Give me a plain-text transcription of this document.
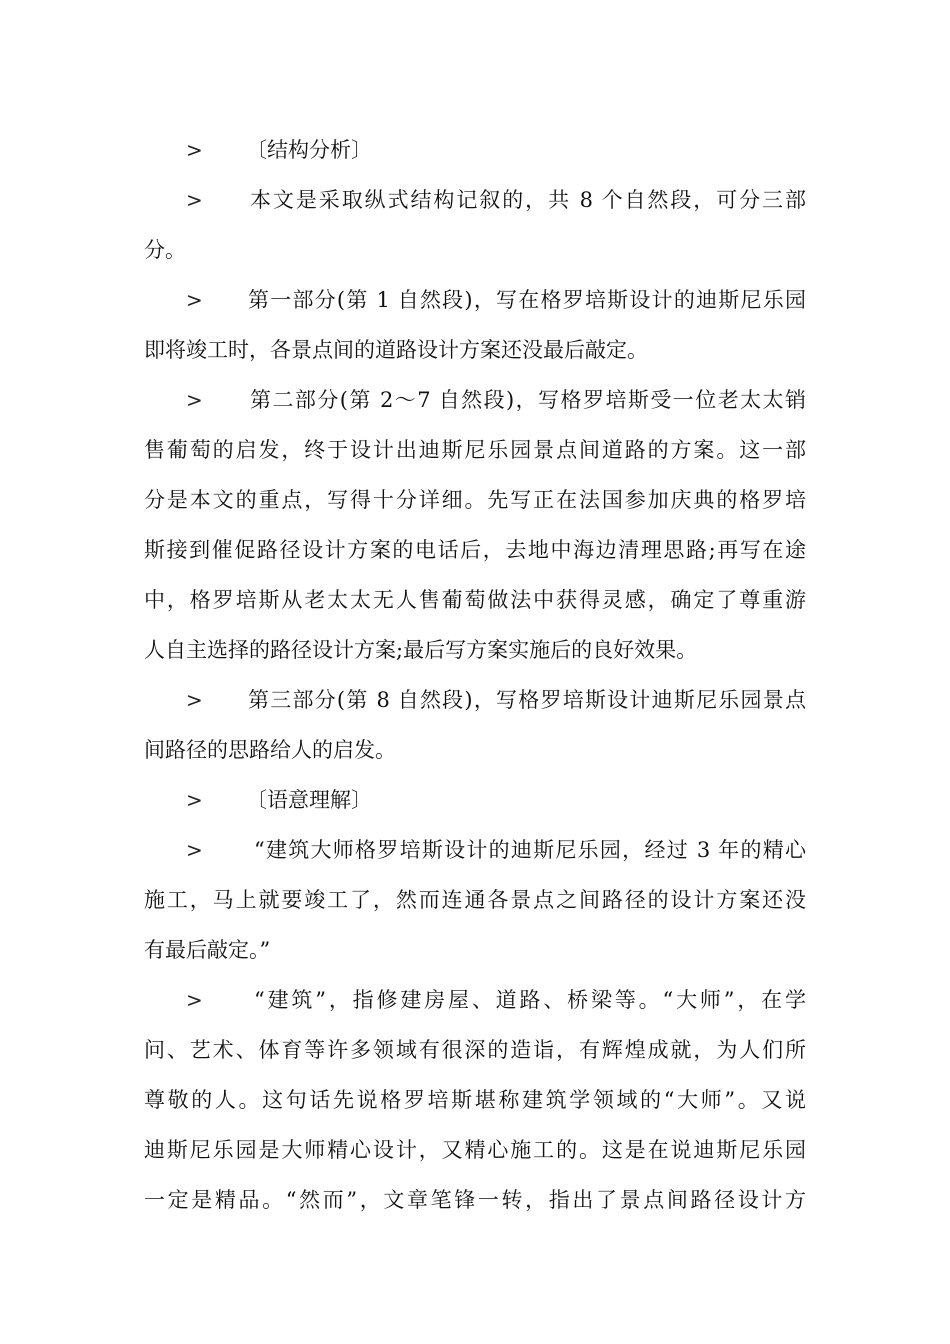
> 〔结构分析〕
> 本文是采取纵式结构记叙的，共 8 个自然段，可分三部
分。
> 第一部分(第 1 自然段)，写在格罗培斯设计的迪斯尼乐园
即将竣工时，各景点间的道路设计方案还没最后敲定。
> 第二部分(第 2～7 自然段)，写格罗培斯受一位老太太销
售葡萄的启发，终于设计出迪斯尼乐园景点间道路的方案。这一部
分是本文的重点，写得十分详细。先写正在法国参加庆典的格罗培
斯接到催促路径设计方案的电话后，去地中海边清理思路;再写在途
中，格罗培斯从老太太无人售葡萄做法中获得灵感，确定了尊重游
人自主选择的路径设计方案;最后写方案实施后的良好效果。
> 第三部分(第 8 自然段)，写格罗培斯设计迪斯尼乐园景点
间路径的思路给人的启发。
> 〔语意理解〕
> “建筑大师格罗培斯设计的迪斯尼乐园，经过 3 年的精心
施工，马上就要竣工了，然而连通各景点之间路径的设计方案还没
有最后敲定。”
> “建筑”，指修建房屋、道路、桥梁等。“大师”，在学
问、艺术、体育等许多领域有很深的造诣，有辉煌成就，为人们所
尊敬的人。这句话先说格罗培斯堪称建筑学领域的“大师”。又说
迪斯尼乐园是大师精心设计，又精心施工的。这是在说迪斯尼乐园
一定是精品。“然而”，文章笔锋一转，指出了景点间路径设计方
